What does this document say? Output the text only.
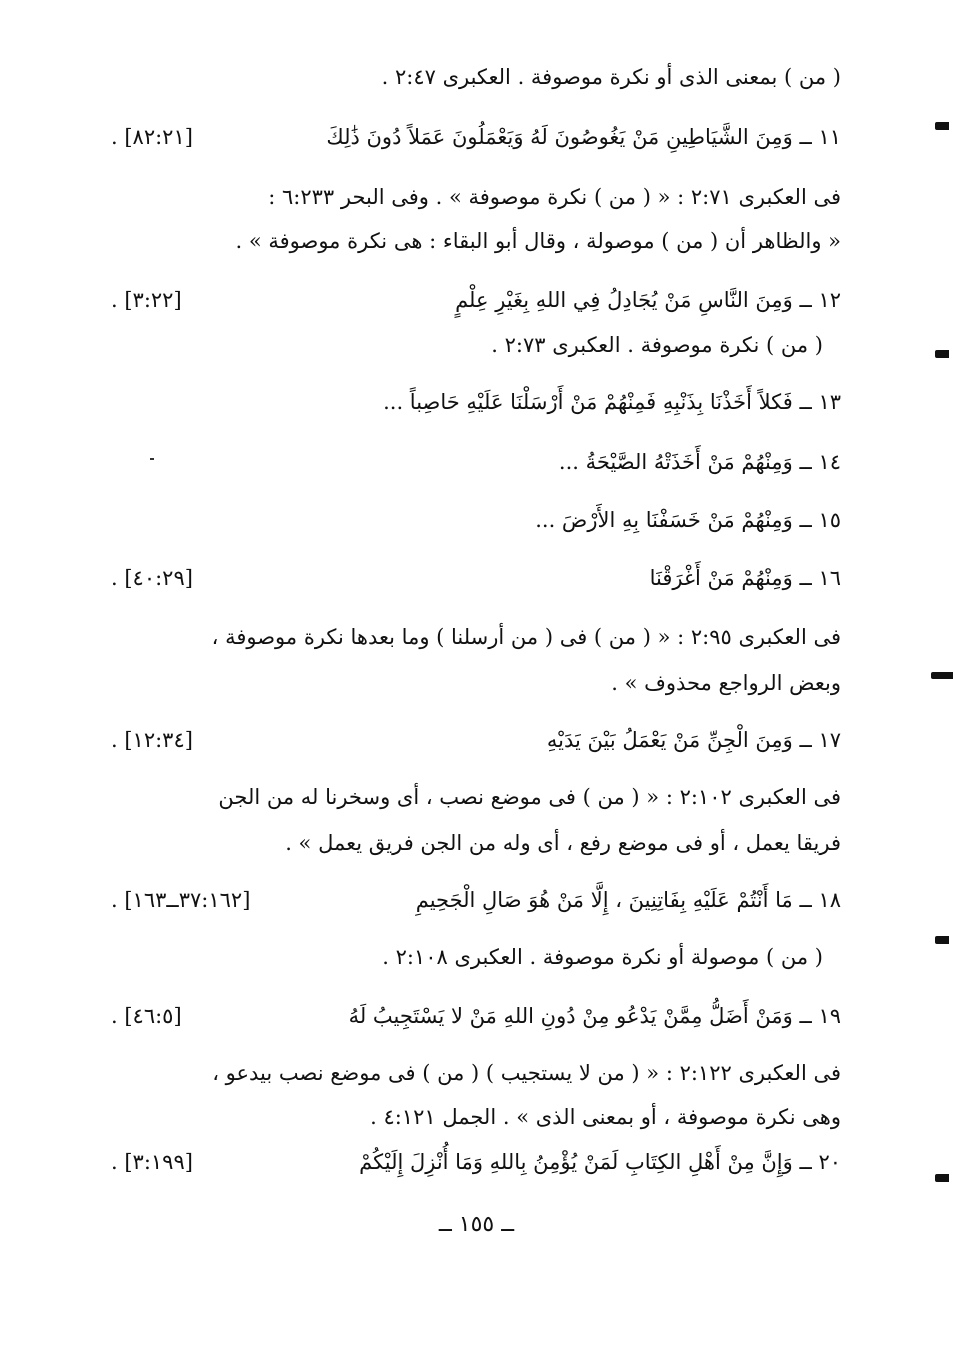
( من ) بمعنى الذى أو نكرة موصوفة . العكبرى ٢:٤٧ .
١١ ــ وَمِنَ الشَّيَاطِينِ مَنْ يَغُوصُونَ لَهُ وَيَعْمَلُونَ عَمَلاً دُونَ ذَٰلِكَ
[٨٢:٢١] .
فى العكبرى ٢:٧١ : « ( من ) نكرة موصوفة » . وفى البحر ٦:٢٣٣ :
« والظاهر أن ( من ) موصولة ، وقال أبو البقاء : هى نكرة موصوفة » .
١٢ ــ وَمِنَ النَّاسِ مَنْ يُجَادِلُ فِي اللهِ بِغَيْرِ عِلْمٍ
[٣:٢٢] .
( من ) نكرة موصوفة . العكبرى ٢:٧٣ .
١٣ ــ فَكلاً أَخَذْنَا بِذَنْبِهِ فَمِنْهُمْ مَنْ أَرْسَلْنَا عَلَيْهِ حَاصِباً ...
١٤ ــ وَمِنْهُمْ مَنْ أَخَذَتْهُ الصَّيْحَةُ ...
١٥ ــ وَمِنْهُمْ مَنْ خَسَفْنَا بِهِ الأَرْضَ ...
١٦ ــ وَمِنْهُمْ مَنْ أَغْرَقْنَا
[٤٠:٢٩] .
فى العكبرى ٢:٩٥ : « ( من ) فى ( من أرسلنا ) وما بعدها نكرة موصوفة ،
وبعض الرواجع محذوف » .
١٧ ــ وَمِنَ الْجِنِّ مَنْ يَعْمَلُ بَيْنَ يَدَيْهِ
[١٢:٣٤] .
فى العكبرى ٢:١٠٢ : « ( من ) فى موضع نصب ، أى وسخرنا له من الجن
فريقا يعمل ، أو فى موضع رفع ، أى وله من الجن فريق يعمل » .
١٨ ــ مَا أَنْتُمْ عَلَيْهِ بِفَاتِنِينَ ، إِلَّا مَنْ هُوَ صَالِ الْجَحِيمِ
[٣٧:١٦٢ــ١٦٣] .
( من ) موصولة أو نكرة موصوفة . العكبرى ٢:١٠٨ .
١٩ ــ وَمَنْ أَضَلُّ مِمَّنْ يَدْعُو مِنْ دُونِ اللهِ مَنْ لا يَسْتَجِيبُ لَهُ
[٤٦:٥] .
فى العكبرى ٢:١٢٢ : « ( من لا يستجيب ) ( من ) فى موضع نصب بيدعو ،
وهى نكرة موصوفة ، أو بمعنى الذى » . الجمل ٤:١٢١ .
٢٠ ــ وَإِنَّ مِنْ أَهْلِ الكِتَابِ لَمَنْ يُؤْمِنُ بِاللهِ وَمَا أُنْزِلَ إِلَيْكُمْ
[٣:١٩٩] .
ــ ١٥٥ ــ
